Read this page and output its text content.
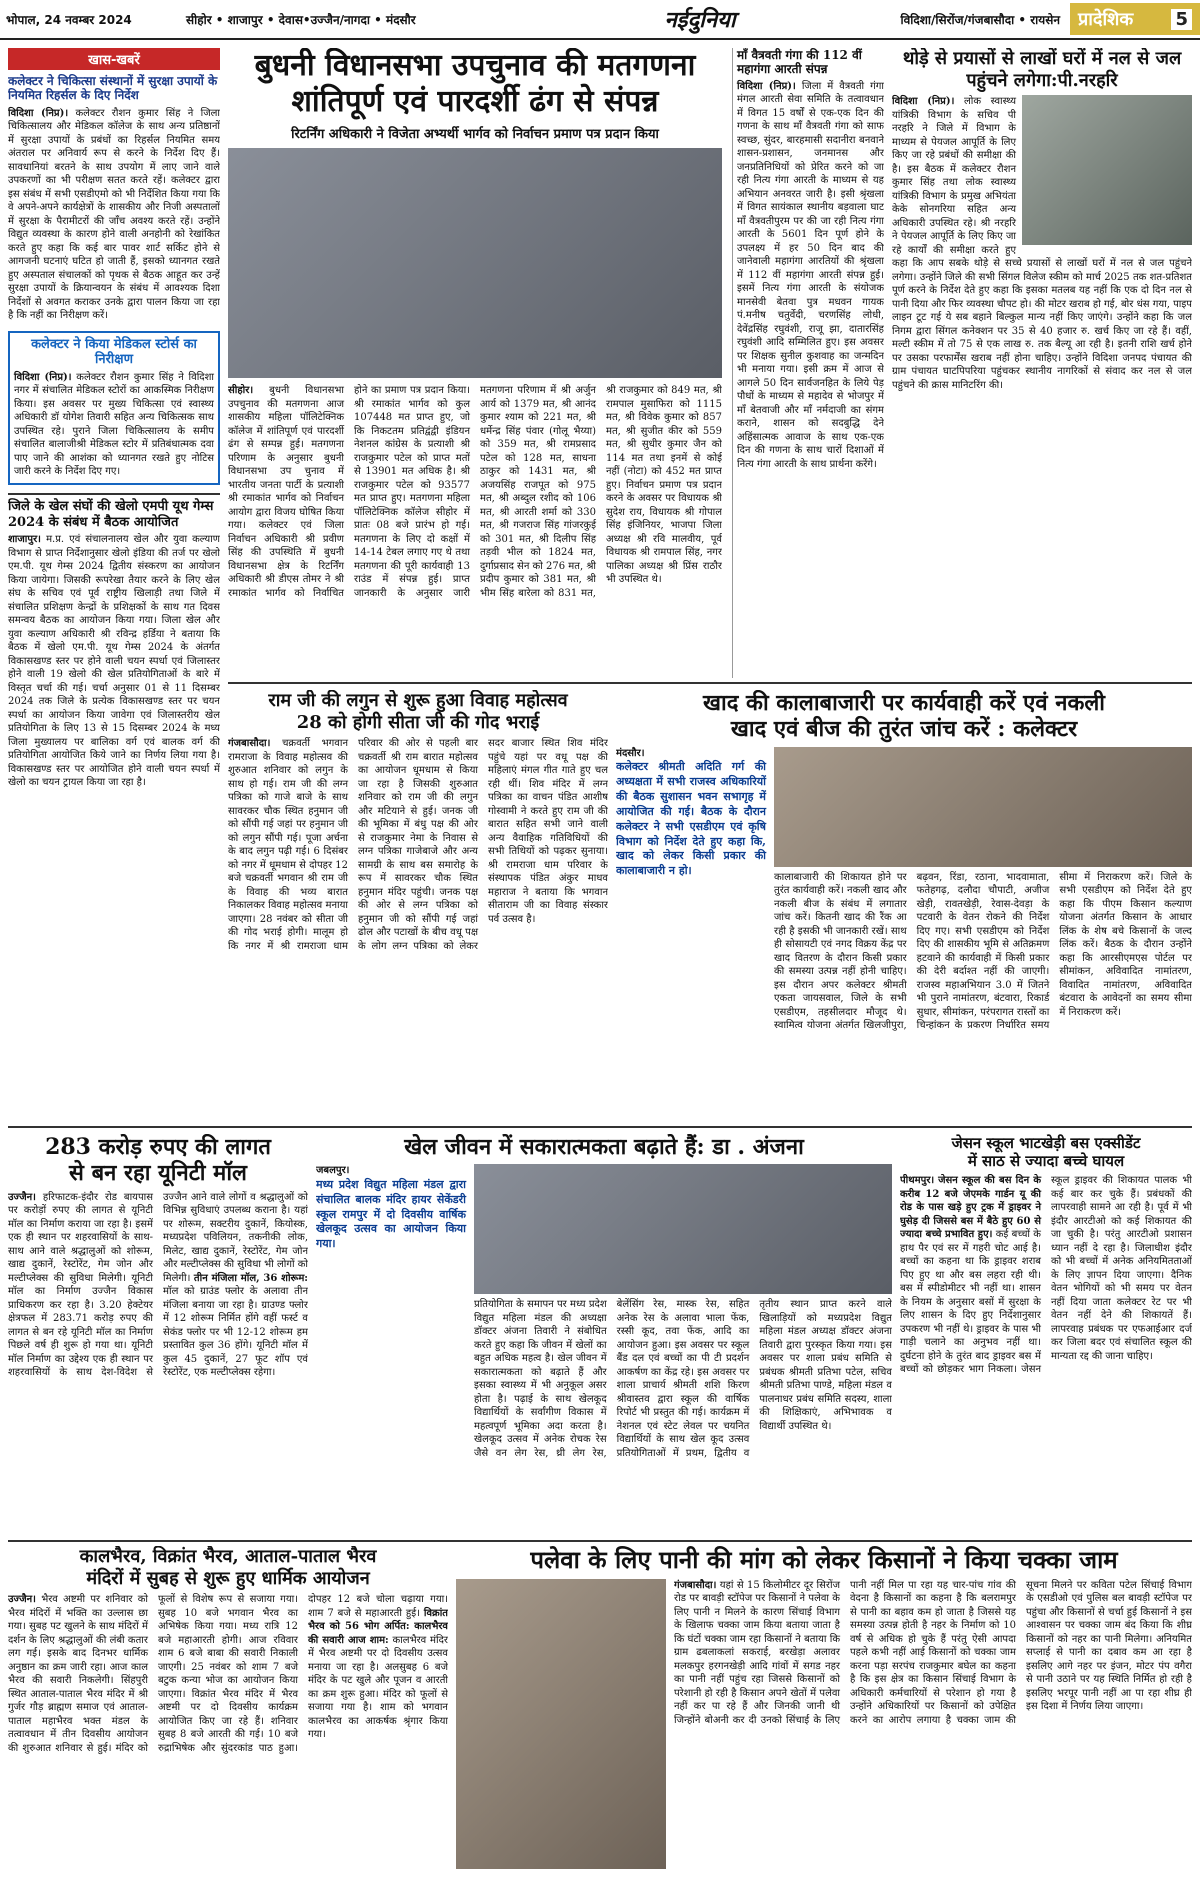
भोपाल, 24 नवम्बर 2024	सीहोर • शाजापुर • देवास•उज्जैन/नागदा • मंदसौर	नईदुनिया	विदिशा/सिरोंज/गंजबासौदा • रायसेन	प्रादेशिक 5
खास-खबरें
कलेक्टर ने चिकित्सा संस्थानों में सुरक्षा उपायों के नियमित रिहर्सल के दिए निर्देश
विदिशा (निप्र)। कलेक्टर रौशन कुमार सिंह ने जिला चिकित्सालय और मेडिकल कॉलेज के साथ अन्य प्रतिष्ठानों में सुरक्षा उपायों के प्रबंधों का रिहर्सल नियमित समय अंतराल पर अनिवार्य रूप से करने के निर्देश दिए हैं। सावधानियां बरतने के साथ उपयोग में लाए जाने वाले उपकरणों का भी परीक्षण सतत करते रहें। कलेक्टर द्वारा इस संबंध में सभी एसडीएमो को भी निर्देशित किया गया कि वे अपने-अपने कार्यक्षेत्रों के शासकीय और निजी अस्पतालों में सुरक्षा के पैरामीटरों की जाँच अवश्य करते रहें। उन्होंने विद्युत व्यवस्था के कारण होने वाली अनहोनी को रेखांकित करते हुए कहा कि कई बार पावर शार्ट सर्किट होने से आगजनी घटनाएं घटित हो जाती हैं, इसको ध्यानगत रखते हुए अस्पताल संचालकों को पृथक से बैठक आहूत कर उन्हें सुरक्षा उपायों के क्रियान्वयन के संबंध में आवश्यक दिशा निर्देशों से अवगत कराकर उनके द्वारा पालन किया जा रहा है कि नहीं का निरीक्षण करें।
कलेक्टर ने किया मेडिकल स्टोर्स का निरीक्षण
विदिशा (निप्र)। कलेक्टर रौशन कुमार सिंह ने विदिशा नगर में संचालित मेडिकल स्टोरों का आकस्मिक निरीक्षण किया। इस अवसर पर मुख्य चिकित्सा एवं स्वास्थ्य अधिकारी डॉ योगेश तिवारी सहित अन्य चिकित्सक साथ उपस्थित रहे। पुराने जिला चिकित्सालय के समीप संचालित बालाजीश्री मेडिकल स्टोर में प्रतिबंधात्मक दवा पाए जाने की आशंका को ध्यानगत रखते हुए नोटिस जारी करने के निर्देश दिए गए।
जिले के खेल संघों की खेलो एमपी यूथ गेम्स 2024 के संबंध में बैठक आयोजित
शाजापुर। म.प्र. एवं संचालनालय खेल और युवा कल्याण विभाग से प्राप्त निर्देशानुसार खेलो इंडिया की तर्ज पर खेलो एम.पी. यूथ गेम्स 2024 द्वितीय संस्करण का आयोजन किया जायेगा। जिसकी रूपरेखा तैयार करने के लिए खेल संघ के सचिव एवं पूर्व राष्ट्रीय खिलाड़ी तथा जिले में संचालित प्रशिक्षण केन्द्रों के प्रशिक्षकों के साथ गत दिवस समन्वय बैठक का आयोजन किया गया। जिला खेल और युवा कल्याण अधिकारी श्री रविन्द्र हर्डिया ने बताया कि बैठक में खेलो एम.पी. यूथ गेम्स 2024 के अंतर्गत विकासखण्ड स्तर पर होने वाली चयन स्पर्धा एवं जिलास्तर होने वाली 19 खेलो की खेल प्रतियोगिताओं के बारे में विस्तृत चर्चा की गई। चर्चा अनुसार 01 से 11 दिसम्बर 2024 तक जिले के प्रत्येक विकासखण्ड स्तर पर चयन स्पर्धा का आयोजन किया जावेगा एवं जिलास्तरीय खेल प्रतियोगिता के लिए 13 से 15 दिसम्बर 2024 के मध्य जिला मुख्यालय पर बालिका वर्ग एवं बालक वर्ग की प्रतियोगिता आयोजित किये जाने का निर्णय लिया गया है। विकासखण्ड स्तर पर आयोजित होने वाली चयन स्पर्धा में खेलो का चयन ट्रायल किया जा रहा है।
बुधनी विधानसभा उपचुनाव की मतगणना
शांतिपूर्ण एवं पारदर्शी ढंग से संपन्न
रिटर्निंग अधिकारी ने विजेता अभ्यर्थी भार्गव को निर्वाचन प्रमाण पत्र प्रदान किया
सीहोर। बुधनी विधानसभा उपचुनाव की मतगणना आज शासकीय महिला पॉलिटेक्निक कॉलेज में शांतिपूर्ण एवं पारदर्शी ढंग से सम्पन्न हुई। मतगणना परिणाम के अनुसार बुधनी विधानसभा उप चुनाव में भारतीय जनता पार्टी के प्रत्याशी श्री रमाकांत भार्गव को निर्वाचन आयोग द्वारा विजय घोषित किया गया। कलेक्टर एवं जिला निर्वाचन अधिकारी श्री प्रवीण सिंह की उपस्थिति में बुधनी विधानसभा क्षेत्र के रिटर्निंग अधिकारी श्री डीएस तोमर ने श्री रमाकांत भार्गव को निर्वाचित होने का प्रमाण पत्र प्रदान किया। श्री रमाकांत भार्गव को कुल 107448 मत प्राप्त हुए, जो कि निकटतम प्रतिद्वंद्वी इंडियन नेशनल कांग्रेस के प्रत्याशी श्री राजकुमार पटेल को प्राप्त मतों से 13901 मत अधिक है। श्री राजकुमार पटेल को 93577 मत प्राप्त हुए। मतगणना महिला पॉलिटेक्निक कॉलेज सीहोर में प्रातः 08 बजे प्रारंभ हो गई। मतगणना के लिए दो कक्षों में 14-14 टेबल लगाए गए थे तथा मतगणना की पूरी कार्यवाही 13 राउंड में संपन्न हुई। प्राप्त जानकारी के अनुसार जारी मतगणना परिणाम में श्री अर्जुन आर्य को 1379 मत, श्री आनंद कुमार श्याम को 221 मत, श्री धर्मेन्द्र सिंह पंवार (गोलू भैय्या) को 359 मत, श्री रामप्रसाद पटेल को 128 मत, साधना ठाकुर को 1431 मत, श्री अजयसिंह राजपूत को 975 मत, श्री अब्दुल रशीद को 106 मत, श्री आरती शर्मा को 330 मत, श्री गजराज सिंह गांजरकुई को 301 मत, श्री दिलीप सिंह तड़वी भील को 1824 मत, दुर्गाप्रसाद सेन को 276 मत, श्री प्रदीप कुमार को 381 मत, श्री भीम सिंह बारेला को 831 मत, श्री राजकुमार को 849 मत, श्री रामपाल मुसाफिरा को 1115 मत, श्री विवेक कुमार को 857 मत, श्री सुजीत कीर को 559 मत, श्री सुधीर कुमार जैन को 114 मत तथा इनमें से कोई नहीं (नोटा) को 452 मत प्राप्त हुए। निर्वाचन प्रमाण पत्र प्रदान करने के अवसर पर विधायक श्री सुदेश राय, विधायक श्री गोपाल सिंह इंजिनियर, भाजपा जिला अध्यक्ष श्री रवि मालवीय, पूर्व विधायक श्री रामपाल सिंह, नगर पालिका अध्यक्ष श्री प्रिंस राठौर भी उपस्थित थे।
माँ वैत्रवती गंगा की 112 वीं महागंगा आरती संपन्न
विदिशा (निप्र)। जिला में वैत्रवती गंगा मंगल आरती सेवा समिति के तत्वावधान में विगत 15 वर्षों से एक-एक दिन की गणना के साथ माँ वैत्रवती गंगा को साफ स्वच्छ, सुंदर, बारहमासी सदानीरा बनवाने शासन-प्रशासन, जनमानस और जनप्रतिनिधियों को प्रेरित करने को जा रही नित्य गंगा आरती के माध्यम से यह अभियान अनवरत जारी है। इसी श्रृंखला में विगत सायंकाल स्थानीय बड़वाला घाट माँ वैत्रवतीपुरम पर की जा रही नित्य गंगा आरती के 5601 दिन पूर्ण होने के उपलक्ष्य में हर 50 दिन बाद की जानेवाली महागंगा आरतियों की श्रृंखला में 112 वीं महागंगा आरती संपन्न हुई। इसमें नित्य गंगा आरती के संयोजक मानसेवी बेतवा पुत्र मधवन गायक पं.मनीष चतुर्वेदी, चरणसिंह लोधी, देवेंद्रसिंह रघुवंशी, राजू झा, दातारसिंह रघुवंशी आदि सम्मिलित हुए। इस अवसर पर शिक्षक सुनील कुशवाह का जन्मदिन भी मनाया गया। इसी क्रम में आज से आगले 50 दिन सार्वजनहित के लिये पेड़ पौधों के माध्यम से महादेव से भोजपुर में माँ बेतवाजी और माँ नर्मदाजी का संगम कराने, शासन को सदबुद्धि देने अहिंसात्मक आवाज के साथ एक-एक दिन की गणना के साथ चारों दिशाओं में नित्य गंगा आरती के साथ प्रार्थना करेंगे।
थोड़े से प्रयासों से लाखों घरों में नल से जल पहुंचने लगेगा:पी.नरहरि
विदिशा (निप्र)। लोक स्वास्थ्य यांत्रिकी विभाग के सचिव पी नरहरि ने जिले में विभाग के माध्यम से पेयजल आपूर्ति के लिए किए जा रहे प्रबंधों की समीक्षा की है। इस बैठक में कलेक्टर रौशन कुमार सिंह तथा लोक स्वास्थ्य यांत्रिकी विभाग के प्रमुख अभियंता केके सोनगरिया सहित अन्य अधिकारी उपस्थित रहे। श्री नरहरि ने पेयजल आपूर्ति के लिए किए जा रहे कार्यों की समीक्षा करते हुए कहा कि आप सबके थोड़े से सच्चे प्रयासों से लाखों घरों में नल से जल पहुंचने लगेगा। उन्होंने जिले की सभी सिंगल विलेज स्कीम को मार्च 2025 तक शत-प्रतिशत पूर्ण करने के निर्देश देते हुए कहा कि इसका मतलब यह नहीं कि एक दो दिन नल से पानी दिया और फिर व्यवस्था चौपट हो। की मोटर खराब हो गई, बोर धंस गया, पाइप लाइन टूट गई ये सब बहाने बिल्कुल मान्य नहीं किए जाएंगे। उन्होंने कहा कि जल निगम द्वारा सिंगल कनेक्शन पर 35 से 40 हजार रु. खर्च किए जा रहे हैं। वहीं, मल्टी स्कीम में तो 75 से एक लाख रु. तक बैल्यू आ रही है। इतनी राशि खर्च होने पर उसका परफार्मेंस खराब नहीं होना चाहिए। उन्होंने विदिशा जनपद पंचायत की ग्राम पंचायत घाटपिपरिया पहुंचकर स्थानीय नागरिकों से संवाद कर नल से जल पहुंचने की क्रास मानिटरिंग की।
राम जी की लगुन से शुरू हुआ विवाह महोत्सव
28 को होगी सीता जी की गोद भराई
गंजबासौदा। चक्रवर्ती भगवान रामराजा के विवाह महोत्सव की शुरुआत शनिवार को लगुन के साथ हो गई। राम जी की लग्न पत्रिका को गाजे बाजे के साथ सावरकर चौक स्थित हनुमान जी को सौंपी गई जहां पर हनुमान जी को लगुन सौंपी गई। पूजा अर्चना के बाद लगुन पढ़ी गई। 6 दिसंबर को नगर में धूमधाम से दोपहर 12 बजे चक्रवर्ती भगवान श्री राम जी के विवाह की भव्य बारात निकालकर विवाह महोत्सव मनाया जाएगा। 28 नवंबर को सीता जी की गोद भराई होगी। मालूम हो कि नगर में श्री रामराजा धाम परिवार की ओर से पहली बार चक्रवर्ती श्री राम बारात महोत्सव का आयोजन धूमधाम से किया जा रहा है जिसकी शुरुआत शनिवार को राम जी की लगुन और मटियाने से हुई। जनक जी की भूमिका में बंधु पक्ष की ओर से राजकुमार नेमा के निवास से लग्न पत्रिका गाजेबाजे और अन्य सामग्री के साथ बस समारोह के रूप में सावरकर चौक स्थित हनुमान मंदिर पहुंची। जनक पक्ष की ओर से लग्न पत्रिका को हनुमान जी को सौंपी गई जहां ढोल और पटाखों के बीच वधू पक्ष के लोग लग्न पत्रिका को लेकर सदर बाजार स्थित शिव मंदिर पहुंचे यहां पर वधू पक्ष की महिलाएं मंगल गीत गाते हुए चल रही थीं। शिव मंदिर में लग्न पत्रिका का वाचन पंडित आशीष गोस्वामी ने करते हुए राम जी की बारात सहित सभी जाने वाली अन्य वैवाहिक गतिविधियों की सभी तिथियों को पढ़कर सुनाया। श्री रामराजा धाम परिवार के संस्थापक पंडित अंकुर माधव महाराज ने बताया कि भगवान सीताराम जी का विवाह संस्कार पर्व उत्सव है।
खाद की कालाबाजारी पर कार्यवाही करें एवं नकली
खाद एवं बीज की तुरंत जांच करें : कलेक्टर
मंदसौर।
कलेक्टर श्रीमती अदिति गर्ग की अध्यक्षता में सभी राजस्व अधिकारियों की बैठक सुशासन भवन सभागृह में आयोजित की गई। बैठक के दौरान कलेक्टर ने सभी एसडीएम एवं कृषि विभाग को निर्देश देते हुए कहा कि, खाद को लेकर किसी प्रकार की कालाबाजारी न हो।
कालाबाजारी की शिकायत होने पर तुरंत कार्यवाही करें। नकली खाद और नकली बीज के संबंध में लगातार जांच करें। कितनी खाद की रैंक आ रही है इसकी भी जानकारी रखें। साथ ही सोसायटी एवं नगद विक्रय केंद्र पर खाद वितरण के दौरान किसी प्रकार की समस्या उत्पन्न नहीं होनी चाहिए। इस दौरान अपर कलेक्टर श्रीमती एकता जायसवाल, जिले के सभी एसडीएम, तहसीलदार मौजूद थे। स्वामित्व योजना अंतर्गत खिलजीपुरा, बढ़वन, रिंडा, रठाना, भादवामाता, फतेहगढ़, दलौदा चौपाटी, अजीज खेड़ी, रावतखेड़ी, रेवास-देवड़ा के पटवारी के वेतन रोकने की निर्देश दिए गए। सभी एसडीएम को निर्देश दिए की शासकीय भूमि से अतिक्रमण हटवाने की कार्यवाही में किसी प्रकार की देरी बर्दाश्त नहीं की जाएगी। राजस्व महाअभियान 3.0 में जितने भी पुराने नामांतरण, बंटवारा, रिकार्ड सुधार, सीमांकन, परंपरागत रास्तों का चिन्हांकन के प्रकरण निर्धारित समय सीमा में निराकरण करें। जिले के सभी एसडीएम को निर्देश देते हुए कहा कि पीएम किसान कल्याण योजना अंतर्गत किसान के आधार लिंक के शेष बचे किसानों के जल्द लिंक करें। बैठक के दौरान उन्होंने कहा कि आरसीएमएस पोर्टल पर सीमांकन, अविवादित नामांतरण, विवादित नामांतरण, अविवादित बंटवारा के आवेदनों का समय सीमा में निराकरण करें।
283 करोड़ रुपए की लागत
से बन रहा यूनिटी मॉल
उज्जैन। हरिफाटक-इंदौर रोड बायपास पर करोड़ों रुपए की लागत से यूनिटी मॉल का निर्माण कराया जा रहा है। इसमें एक ही स्थान पर शहरवासियों के साथ-साथ आने वाले श्रद्धालुओं को शोरूम, खाद्य दुकानें, रेस्टोरेंट, गेम जोन और मल्टीप्लेक्स की सुविधा मिलेगी। यूनिटी मॉल का निर्माण उज्जैन विकास प्राधिकरण कर रहा है। 3.20 हेक्टेयर क्षेत्रफल में 283.71 करोड़ रुपए की लागत से बन रहे यूनिटी मॉल का निर्माण पिछले वर्ष ही शुरू हो गया था। यूनिटी मॉल निर्माण का उद्देश्य एक ही स्थान पर शहरवासियों के साथ देश-विदेश से उज्जैन आने वाले लोगों व श्रद्धालुओं को विभिन्न सुविधाएं उपलब्ध कराना है। यहां पर शोरूम, सक्टरीय दुकानें, कियोस्क, मध्यप्रदेश पविलियन, तकनीकी लोक, मिलेट, खाद्य दुकानें, रेस्टोरेंट, गेम जोन और मल्टीप्लेक्स की सुविधा भी लोगों को मिलेगी। तीन मंजिला मॉल, 36 शोरूम: मॉल को ग्राउंड फ्लोर के अलावा तीन मंजिला बनाया जा रहा है। ग्राउण्ड फ्लोर में 12 शोरूम निर्मित होंगे वहीं फर्स्ट व सेकंड फ्लोर पर भी 12-12 शोरूम हम प्रस्तावित कुल 36 होंगे। यूनिटी मॉल में कुल 45 दुकानें, 27 फूट शॉप एवं रेस्टोरेंट, एक मल्टीप्लेक्स रहेगा।
खेल जीवन में सकारात्मकता बढ़ाते हैं: डा . अंजना
जबलपुर।
मध्य प्रदेश विद्युत महिला मंडल द्वारा संचालित बालक मंदिर हायर सेकेंडरी स्कूल रामपुर में दो दिवसीय वार्षिक खेलकूद उत्सव का आयोजन किया गया।
प्रतियोगिता के समापन पर मध्य प्रदेश विद्युत महिला मंडल की अध्यक्षा डॉक्टर अंजना तिवारी ने संबोधित करते हुए कहा कि जीवन में खेलों का बहुत अधिक महत्व है। खेल जीवन में सकारात्मकता को बढ़ाते हैं और इसका स्वास्थ्य में भी अनुकूल असर होता है। पढ़ाई के साथ खेलकूद विद्यार्थियों के सर्वांगीण विकास में महत्वपूर्ण भूमिका अदा करता है। खेलकूद उत्सव में अनेक रोचक रेस जैसे वन लेग रेस, थ्री लेग रेस, बेलेंसिंग रेस, मास्क रेस, सहित अनेक रेस के अलावा भाला फेंक, रस्सी कूद, तवा फेंक, आदि का आयोजन हुआ। इस अवसर पर स्कूल बैंड दल एवं बच्चों का पी टी प्रदर्शन आकर्षण का केंद्र रहे। इस अवसर पर शाला प्राचार्य श्रीमती शशि किरण श्रीवास्तव द्वारा स्कूल की वार्षिक रिपोर्ट भी प्रस्तुत की गई। कार्यक्रम में नेशनल एवं स्टेट लेवल पर चयनित विद्यार्थियों के साथ खेल कूद उत्सव प्रतियोगिताओं में प्रथम, द्वितीय व तृतीय स्थान प्राप्त करने वाले खिलाड़ियों को मध्यप्रदेश विद्युत महिला मंडल अध्यक्ष डॉक्टर अंजना तिवारी द्वारा पुरस्कृत किया गया। इस अवसर पर शाला प्रबंध समिति से प्रबंधक श्रीमती प्रतिभा पटेल, सचिव श्रीमती प्रतिभा पाण्डे, महिला मंडल व पालनाधर प्रबंध समिति सदस्य, शाला की शिक्षिकाएं, अभिभावक व विद्यार्थी उपस्थित थे।
जेसन स्कूल भाटखेड़ी बस एक्सीडेंट
में साठ से ज्यादा बच्चे घायल
पीथमपुर। जेसन स्कूल की बस दिन के करीब 12 बजे जेएमके गार्डन यू की रोड के पास खड़े हुए ट्रक में ड्राइवर ने घुसेड़ दी जिससे बस में बैठे हुए 60 से ज्यादा बच्चे प्रभावित हुए। कई बच्चों के हाथ पैर एवं सर में गहरी चोट आई है। बच्चों का कहना था कि ड्राइवर शराब पिए हुए था और बस लहरा रही थी। बस में स्पीडोमीटर भी नहीं था। शासन के नियम के अनुसार बसों में सुरक्षा के लिए शासन के दिए हुए निर्देशानुसार उपकरण भी नहीं थे। ड्राइवर के पास भी गाड़ी चलाने का अनुभव नहीं था। दुर्घटना होने के तुरंत बाद ड्राइवर बस में बच्चों को छोड़कर भाग निकला। जेसन स्कूल ड्राइवर की शिकायत पालक भी कई बार कर चुके हैं। प्रबंधकों की लापरवाही सामने आ रही है। पूर्व में भी इंदौर आरटीओ को कई शिकायत की जा चुकी है। परंतु आरटीओ प्रशासन ध्यान नहीं दे रहा है। जिलाधीश इंदौर को भी बच्चों में अनेक अनियमितताओं के लिए ज्ञापन दिया जाएगा। दैनिक वेतन भोगियों को भी समय पर वेतन नहीं दिया जाता कलेक्टर रेट पर भी वेतन नहीं देने की शिकायतें हैं। लापरवाह प्रबंधक पर एफआईआर दर्ज कर जिला बदर एवं संचालित स्कूल की मान्यता रद्द की जाना चाहिए।
कालभैरव, विक्रांत भैरव, आताल-पाताल भैरव
मंदिरों में सुबह से शुरू हुए धार्मिक आयोजन
उज्जैन। भैरव अष्टमी पर शनिवार को भैरव मंदिरों में भक्ति का उल्लास छा गया। सुबह पट खुलने के साथ मंदिरों में दर्शन के लिए श्रद्धालुओं की लंबी कतार लग गई। इसके बाद दिनभर धार्मिक अनुष्ठान का क्रम जारी रहा। आज काल भैरव की सवारी निकलेगी। सिंहपुरी स्थित आताल-पाताल भैरव मंदिर में श्री गुर्जर गौड़ ब्राह्मण समाज एवं आताल-पाताल महाभैरव भक्त मंडल के तत्वावधान में तीन दिवसीय आयोजन की शुरुआत शनिवार से हुई। मंदिर को फूलों से विशेष रूप से सजाया गया। सुबह 10 बजे भगवान भैरव का अभिषेक किया गया। मध्य रात्रि 12 बजे महाआरती होगी। आज रविवार शाम 6 बजे बाबा की सवारी निकाली जाएगी। 25 नवंबर को शाम 7 बजे बटुक कन्या भोज का आयोजन किया जाएगा। विक्रांत भैरव मंदिर में भैरव अष्टमी पर दो दिवसीय कार्यक्रम आयोजित किए जा रहे हैं। शनिवार सुबह 8 बजे आरती की गई। 10 बजे रुद्राभिषेक और सुंदरकांड पाठ हुआ। दोपहर 12 बजे चोला चढ़ाया गया। शाम 7 बजे से महाआरती हुई। विक्रांत भैरव को 56 भोग अर्पित: कालभैरव की सवारी आज शाम: कालभैरव मंदिर में भैरव अष्टमी पर दो दिवसीय उत्सव मनाया जा रहा है। अलसुबह 6 बजे मंदिर के पट खुले और पूजन व आरती का क्रम शुरू हुआ। मंदिर को फूलों से सजाया गया है। शाम को भगवान कालभैरव का आकर्षक श्रृंगार किया गया।
पलेवा के लिए पानी की मांग को लेकर किसानों ने किया चक्का जाम
गंजबासौदा। यहां से 15 किलोमीटर दूर सिरोंज रोड पर बावड़ी स्टॉपेज पर किसानों ने पलेवा के लिए पानी न मिलने के कारण सिंचाई विभाग के खिलाफ चक्का जाम किया बताया जाता है कि घंटों चक्का जाम रहा किसानों ने बताया कि ग्राम ढबलाकलां सकराई, बरखेड़ा अलावर मलकपुर हरगनखेड़ी आदि गांवों में सगड नहर का पानी नहीं पहुंच रहा जिससे किसानों को परेशानी हो रही है किसान अपने खेतों में पलेवा नहीं कर पा रहे हैं और जिनकी जानी थी जिन्होंने बोअनी कर दी उनको सिंचाई के लिए पानी नहीं मिल पा रहा यह चार-पांच गांव की वेदना है किसानों का कहना है कि बलरामपुर से पानी का बहाव कम हो जाता है जिससे यह समस्या उत्पन्न होती है नहर के निर्माण को 10 वर्ष से अधिक हो चुके हैं परंतु ऐसी आपदा पहले कभी नहीं आई किसानों को चक्का जाम करना पड़ा सरपंच राजकुमार बघेल का कहना है कि इस क्षेत्र का किसान सिंचाई विभाग के अधिकारी कर्मचारियों से परेशान हो गया है उन्होंने अधिकारियों पर किसानों को उपेक्षित करने का आरोप लगाया है चक्का जाम की सूचना मिलने पर कविता पटेल सिंचाई विभाग के एसडीओ एवं पुलिस बल बावड़ी स्टॉपेज पर पहुंचा और किसानों से चर्चा हुई किसानों ने इस आश्वासन पर चक्का जाम बंद किया कि शीघ्र किसानों को नहर का पानी मिलेगा। अनियमित सप्लाई से पानी का दबाव कम आ रहा है इसलिए आगे नहर पर इंजन, मोटर पंप वगैरा से पानी उठाने पर यह स्थिति निर्मित हो रही है इसलिए भरपूर पानी नहीं आ पा रहा शीघ्र ही इस दिशा में निर्णय लिया जाएगा।
